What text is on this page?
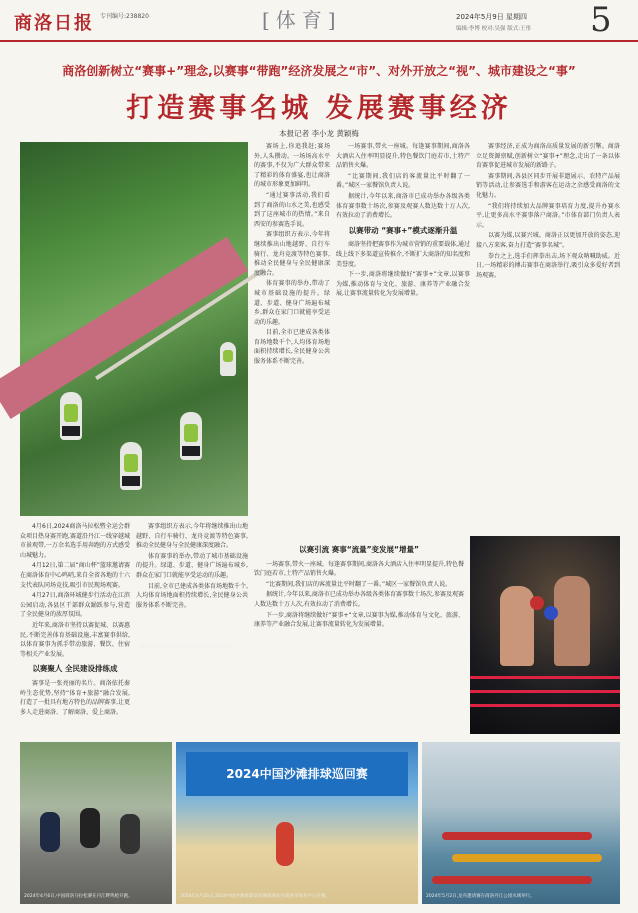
商洛日报 专刊编号:238820	[体育]	2024年5月9日 星期四
编辑:李博 校对:吴强 版式:王彤	5
商洛创新树立“赛事+”理念,以赛事“带跑”经济发展之“市”、对外开放之“视”、城市建设之“事”
打造赛事名城 发展赛事经济
本报记者 李小龙 黄颖梅
图为4月6日,商洛马拉松选手在丹江绿道上奔跑。

4月6日,2024商洛马拉松暨全运会群众项目热身赛开跑,赛道沿丹江一线穿越城市景观带,一万余名选手用奔跑的方式感受山城魅力。

4月12日,第二届“商山杯”篮球邀请赛在商洛体育中心鸣哨,来自全省各地的十六支代表队同场竞技,吸引市民现场观赛。

4月27日,商洛环城健步行活动在江滨公园启动,各县区干部群众踊跃参与,营造了全民健身的浓厚氛围。

近年来,商洛市坚持以赛促城、以赛惠民,不断完善体育基础设施,丰富赛事供给,以体育赛事为抓手带动旅游、餐饮、住宿等相关产业发展。

以赛聚人 全民建设排练成

赛事是一张亮丽的名片。商洛依托秦岭生态优势,坚持“体育+旅游”融合发展,打造了一批具有地方特色的品牌赛事,让更多人走进商洛、了解商洛、爱上商洛。

赛场上,你追我赶;赛场外,人头攒动。一场场高水平的赛事,不仅为广大群众带来了精彩的体育盛宴,也让商洛的城市形象更加鲜明。

“通过赛事活动,我们看到了商洛的山水之美,也感受到了这座城市的热情。”来自西安的参赛选手说。

赛事组织方表示,今年将继续推出山地越野、自行车骑行、龙舟竞渡等特色赛事,推动全民健身与全民健康深度融合。

体育赛事的举办,带动了城市基础设施的提升。绿道、步道、健身广场遍布城乡,群众在家门口就能享受运动的乐趣。

目前,全市已建成各类体育场地数千个,人均体育场地面积持续增长,全民健身公共服务体系不断完善。

赛事组织方表示,今年将继续推出山地越野、自行车骑行、龙舟竞渡等特色赛事,推动全民健身与全民健康深度融合。

体育赛事的举办,带动了城市基础设施的提升。绿道、步道、健身广场遍布城乡,群众在家门口就能享受运动的乐趣。

目前,全市已建成各类体育场地数千个,人均体育场地面积持续增长,全民健身公共服务体系不断完善。

一场赛事,带火一座城。每逢赛事期间,商洛各大酒店入住率明显提升,特色餐饮门庭若市,土特产品销售火爆。

“比赛期间,我们店的客流量比平时翻了一番。”城区一家餐馆负责人说。

据统计,今年以来,商洛市已成功举办各级各类体育赛事数十场次,参赛及观赛人数达数十万人次,有效拉动了消费增长。

以赛带动 “赛事+”模式逐渐升温

商洛坚持把赛事作为城市营销的重要载体,通过线上线下多渠道宣传推介,不断扩大商洛的知名度和美誉度。

下一步,商洛将继续做好“赛事+”文章,以赛事为媒,推动体育与文化、旅游、康养等产业融合发展,让赛事流量转化为发展增量。

以赛引流 赛事“流量”变发展“增量”

一场赛事,带火一座城。每逢赛事期间,商洛各大酒店入住率明显提升,特色餐饮门庭若市,土特产品销售火爆。

“比赛期间,我们店的客流量比平时翻了一番。”城区一家餐馆负责人说。

据统计,今年以来,商洛市已成功举办各级各类体育赛事数十场次,参赛及观赛人数达数十万人次,有效拉动了消费增长。

下一步,商洛将继续做好“赛事+”文章,以赛事为媒,推动体育与文化、旅游、康养等产业融合发展,让赛事流量转化为发展增量。

赛事经济,正成为商洛高质量发展的新引擎。商洛立足资源禀赋,创新树立“赛事+”理念,走出了一条以体育赛事促进城市发展的新路子。

赛事期间,各县区同步开展非遗展示、农特产品展销等活动,让参赛选手和游客在运动之余感受商洛的文化魅力。

“我们将持续加大品牌赛事培育力度,提升办赛水平,让更多高水平赛事落户商洛。”市体育部门负责人表示。

以赛为媒,以赛兴城。商洛正以更加开放的姿态,迎接八方来客,奋力打造“赛事名城”。

拳台之上,选手们挥拳出击,场下观众呐喊助威。近日,一场精彩的搏击赛事在商洛举行,吸引众多爱好者到场观赛。

2024年4月6日,中国商洛马拉松赛在丹江畔鸣枪开跑。
2024中国沙滩排球巡回赛
2024年4月26日,2024中国沙滩排球巡回赛商洛站在商洛市体育中心开赛。	2024年5月2日,龙舟邀请赛在商洛丹江公园水域举行。
